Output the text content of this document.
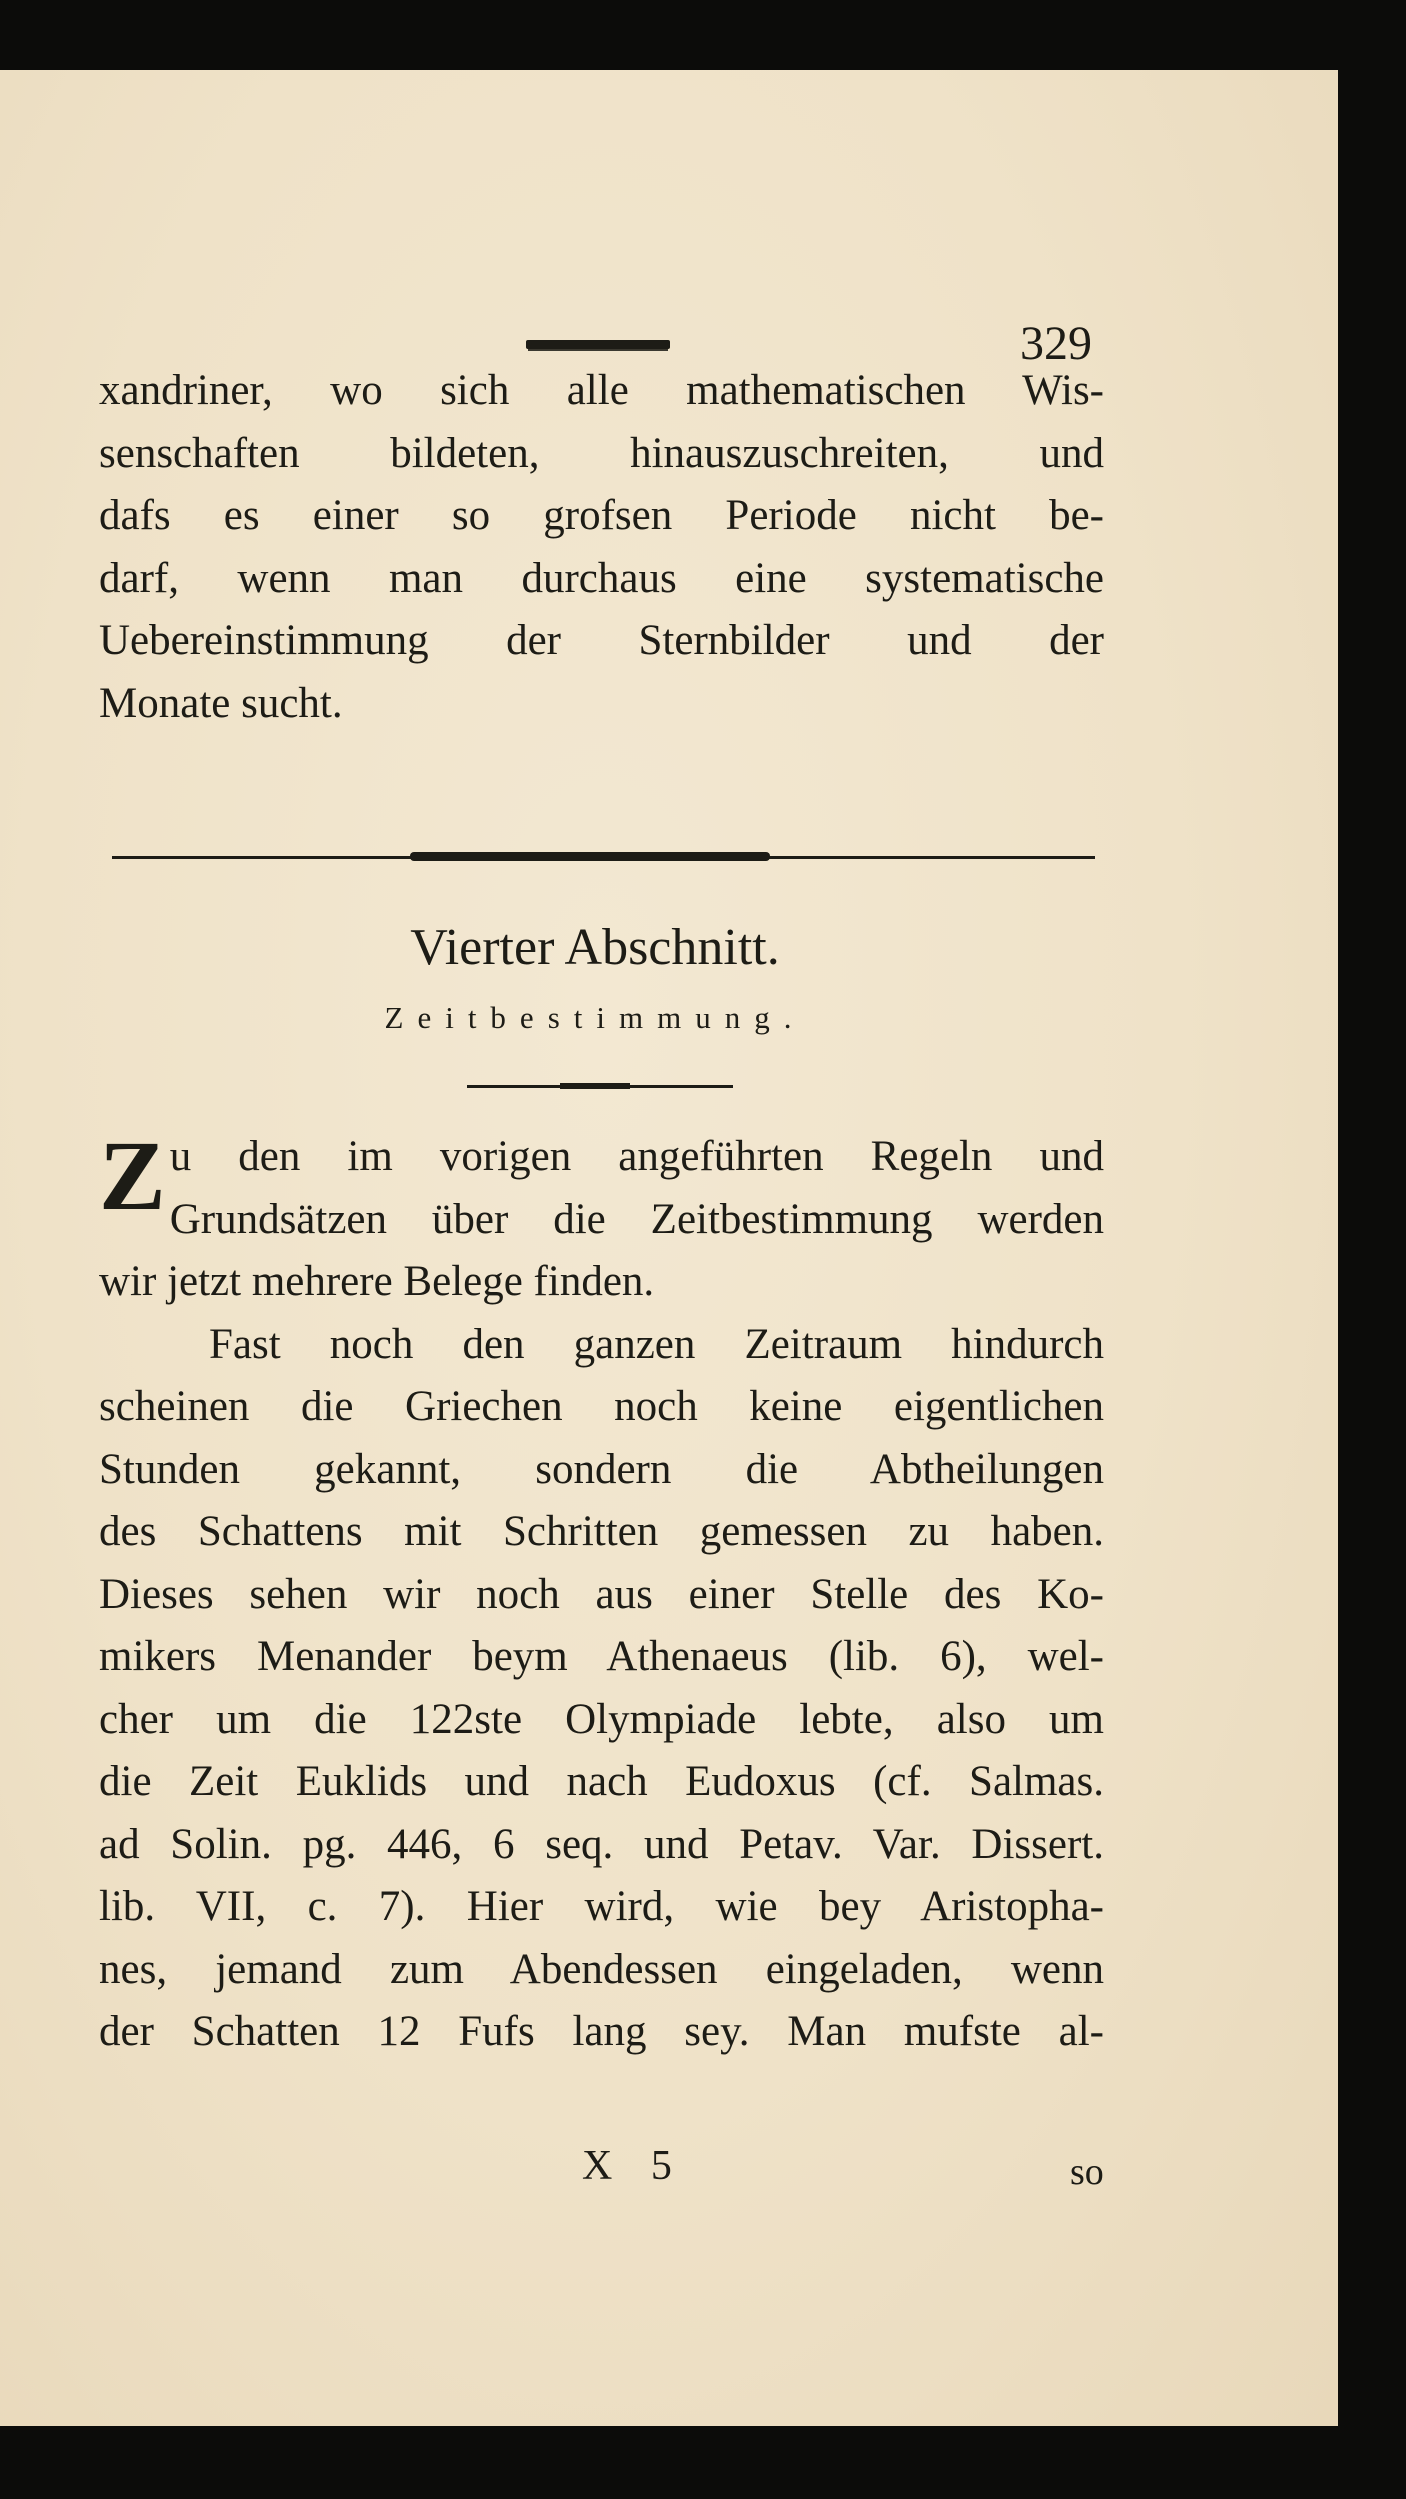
329
xandriner, wo sich alle mathematischen Wis-
senschaften bildeten, hinauszuschreiten, und
dafs es einer so grofsen Periode nicht be-
darf, wenn man durchaus eine systematische
Uebereinstimmung der Sternbilder und der
Monate sucht.
Vierter Abschnitt.
Zeitbestimmung.
Zu den im vorigen angeführten Regeln und
Grundsätzen über die Zeitbestimmung werden
wir jetzt mehrere Belege finden.
Fast noch den ganzen Zeitraum hindurch
scheinen die Griechen noch keine eigentlichen
Stunden gekannt, sondern die Abtheilungen
des Schattens mit Schritten gemessen zu haben.
Dieses sehen wir noch aus einer Stelle des Ko-
mikers Menander beym Athenaeus (lib. 6), wel-
cher um die 122ste Olympiade lebte, also um
die Zeit Euklids und nach Eudoxus (cf. Salmas.
ad Solin. pg. 446, 6 seq. und Petav. Var. Dissert.
lib. VII, c. 7). Hier wird, wie bey Aristopha-
nes, jemand zum Abendessen eingeladen, wenn
der Schatten 12 Fufs lang sey. Man mufste al-
X 5	so
